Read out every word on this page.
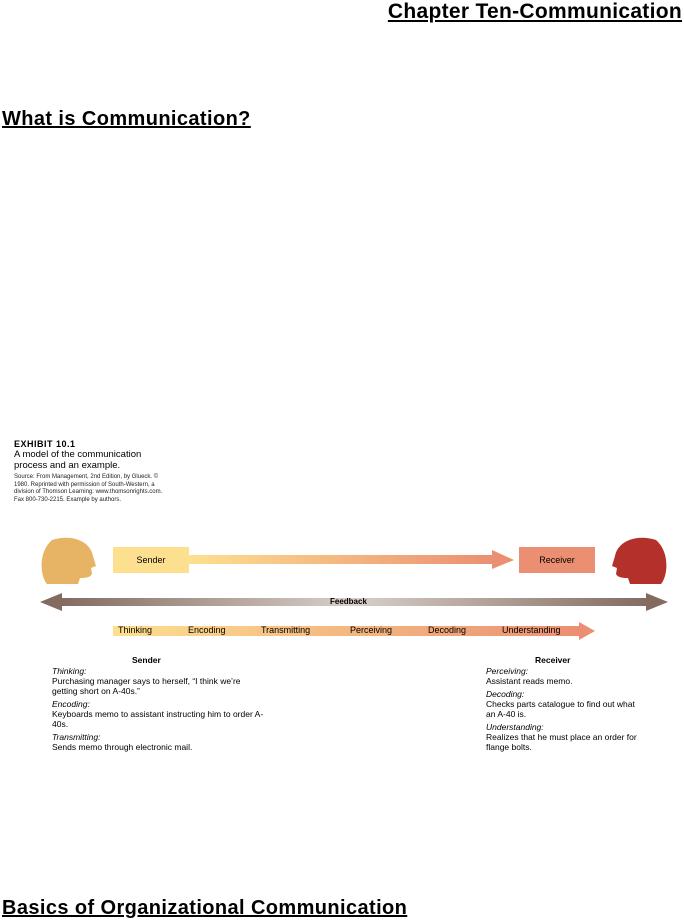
Chapter Ten-Communication
What is Communication?
EXHIBIT 10.1
A model of the communication process and an example.
Source: From Management, 2nd Edition, by Glueck. © 1980. Reprinted with permission of South-Western, a division of Thomson Learning: www.thomsonrights.com. Fax 800-730-2215. Example by authors.
Sender	Receiver
Feedback
Thinking	Encoding	Transmitting	Perceiving	Decoding	Understanding
Sender
Thinking:
Purchasing manager says to herself, “I think we’re getting short on A-40s.”
Encoding:
Keyboards memo to assistant instructing him to order A-40s.
Transmitting:
Sends memo through electronic mail.
Receiver
Perceiving:
Assistant reads memo.
Decoding:
Checks parts catalogue to find out what an A-40 is.
Understanding:
Realizes that he must place an order for flange bolts.
Basics of Organizational Communication
